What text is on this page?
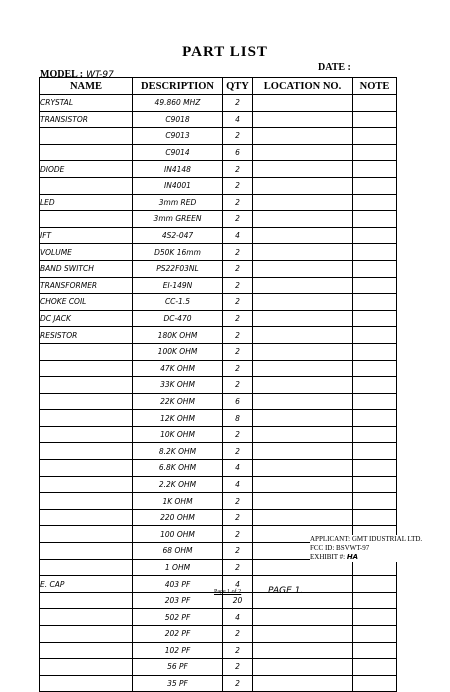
PART LIST
MODEL : WT-97
DATE :
NAME	DESCRIPTION	QTY	LOCATION NO.	NOTE
CRYSTAL	49.860 MHZ	2		
TRANSISTOR	C9018	4		
	C9013	2		
	C9014	6		
DIODE	IN4148	2		
	IN4001	2		
LED	3mm RED	2		
	3mm GREEN	2		
IFT	4S2-047	4		
VOLUME	D50K 16mm	2		
BAND SWITCH	PS22F03NL	2		
TRANSFORMER	EI-149N	2		
CHOKE COIL	CC-1.5	2		
DC JACK	DC-470	2		
RESISTOR	180K OHM	2		
	100K OHM	2		
	47K OHM	2		
	33K OHM	2		
	22K OHM	6		
	12K OHM	8		
	10K OHM	2		
	8.2K OHM	2		
	6.8K OHM	4		
	2.2K OHM	4		
	1K OHM	2		
	220 OHM	2		
	100 OHM	2		
	68 OHM	2		
	1 OHM	2		
E. CAP	403 PF	4		
	203 PF	20		
	502 PF	4		
	202 PF	2		
	102 PF	2		
	56 PF	2		
	35 PF	2		
APPLICANT: GMT IDUSTRIAL LTD.
FCC ID: BSVWT-97
EXHIBIT #: HA
Page 1 of 2	PAGE 1.
